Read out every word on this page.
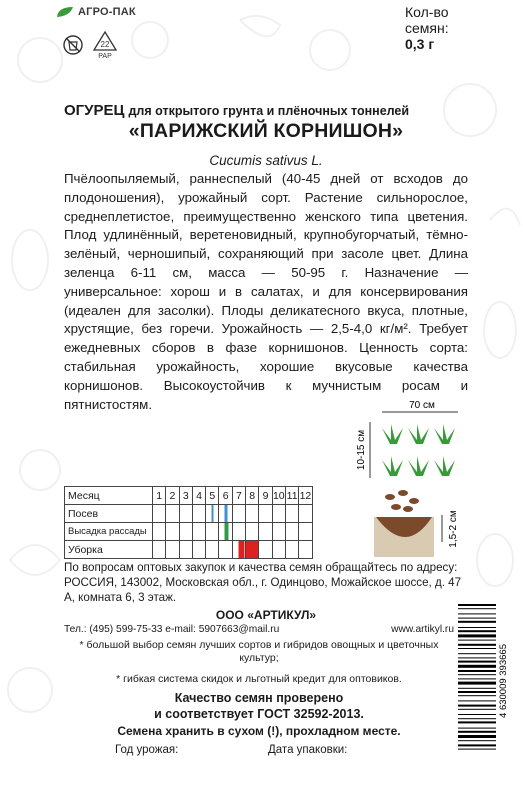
АГРО-ПАК
22
PAP
Кол-во
семян:
0,3 г
ОГУРЕЦ для открытого грунта и плёночных тоннелей
«ПАРИЖСКИЙ КОРНИШОН»
Cucumis sativus L.
Пчёлоопыляемый, раннеспелый (40-45 дней от всходов до плодоношения), урожайный сорт. Растение сильнорослое, среднеплетистое, преимущественно женского типа цветения. Плод удлинённый, веретеновидный, крупнобугорчатый, тёмно-зелёный, черношипый, сохраняющий при засоле цвет. Длина зеленца 6-11 см, масса — 50-95 г. Назначение — универсальное: хорош и в салатах, и для консервирования (идеален для засолки). Плоды деликатесного вкуса, плотные, хрустящие, без горечи. Урожайность — 2,5-4,0 кг/м². Требует ежедневных сборов в фазе корнишонов. Ценность сорта: стабильная урожайность, хорошие вкусовые качества корнишонов. Высокоустойчив к мучнистым росам и пятнистостям.	70 см
10-15 см
1,5-2 см
Месяц	1	2	3	4	5	6	7	8	9	10	11	12
Посев												
Высадка рассады												
Уборка												
По вопросам оптовых закупок и качества семян обращайтесь по адресу: РОССИЯ, 143002, Московская обл., г. Одинцово, Можайское шоссе, д. 47 А, комната 6, 3 этаж.
ООО «АРТИКУЛ»
Тел.: (495) 599-75-33 e-mail: 5907663@mail.ru	www.artikyl.ru
* большой выбор семян лучших сортов и гибридов овощных и цветочных культур;
* гибкая система скидок и льготный кредит для оптовиков.
Качество семян проверено
и соответствует ГОСТ 32592-2013.
Семена хранить в сухом (!), прохладном месте.
Год урожая:	Дата упаковки:
4 630009 393665
